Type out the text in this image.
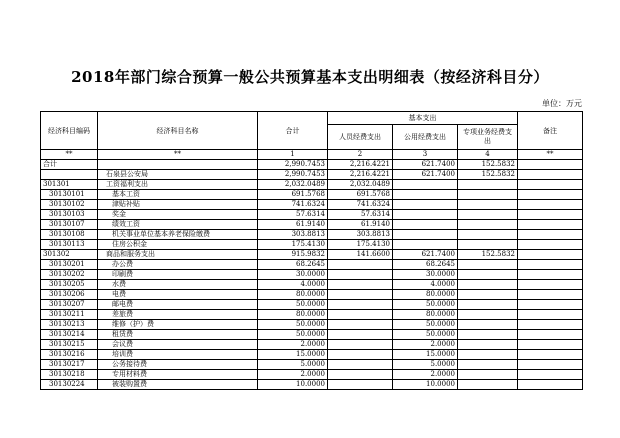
2018年部门综合预算一般公共预算基本支出明细表（按经济科目分）
单位：万元
经济科目编码	经济科目名称	合计	基本支出			备注
			人员经费支出	公用经费支出	专项业务经费支出	
**	**	1	2	3	4	**
合计		2,990.7453	2,216.4221	621.7400	152.5832	
	石泉县公安局	2,990.7453	2,216.4221	621.7400	152.5832	
301301	工资福利支出	2,032.0489	2,032.0489			
30130101	基本工资	691.5768	691.5768			
30130102	津贴补贴	741.6324	741.6324			
30130103	奖金	57.6314	57.6314			
30130107	绩效工资	61.9140	61.9140			
30130108	机关事业单位基本养老保险缴费	303.8813	303.8813			
30130113	住房公积金	175.4130	175.4130			
301302	商品和服务支出	915.9832	141.6600	621.7400	152.5832	
30130201	办公费	68.2645		68.2645		
30130202	印刷费	30.0000		30.0000		
30130205	水费	4.0000		4.0000		
30130206	电费	80.0000		80.0000		
30130207	邮电费	50.0000		50.0000		
30130211	差旅费	80.0000		80.0000		
30130213	维修（护）费	50.0000		50.0000		
30130214	租赁费	50.0000		50.0000		
30130215	会议费	2.0000		2.0000		
30130216	培训费	15.0000		15.0000		
30130217	公务接待费	5.0000		5.0000		
30130218	专用材料费	2.0000		2.0000		
30130224	被装购置费	10.0000		10.0000		
